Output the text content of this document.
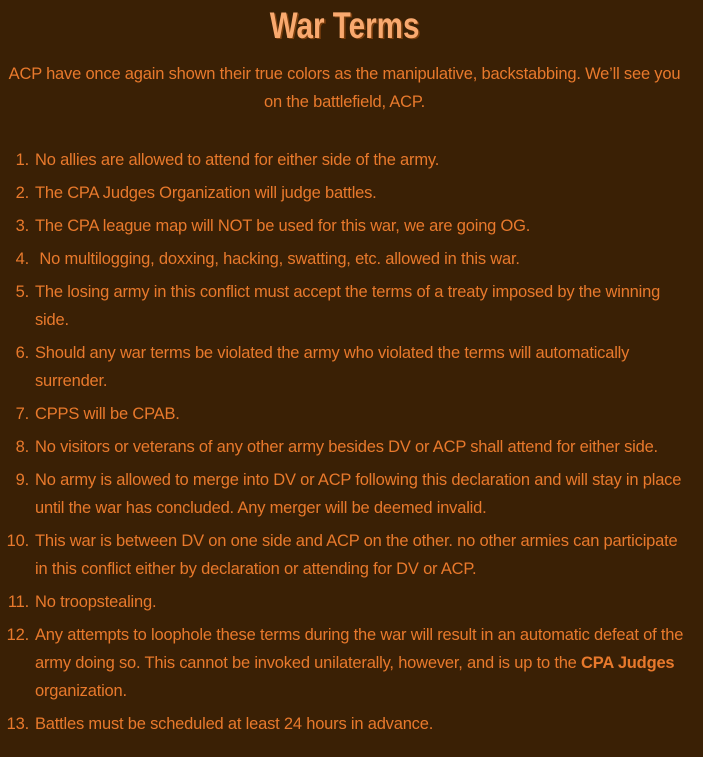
War Terms

ACP have once again shown their true colors as the manipulative, backstabbing. We’ll see you on the battlefield, ACP.

1. No allies are allowed to attend for either side of the army.
2. The CPA Judges Organization will judge battles.
3. The CPA league map will NOT be used for this war, we are going OG.
4. No multilogging, doxxing, hacking, swatting, etc. allowed in this war.
5. The losing army in this conflict must accept the terms of a treaty imposed by the winning side.
6. Should any war terms be violated the army who violated the terms will automatically surrender.
7. CPPS will be CPAB.
8. No visitors or veterans of any other army besides DV or ACP shall attend for either side.
9. No army is allowed to merge into DV or ACP following this declaration and will stay in place until the war has concluded. Any merger will be deemed invalid.
10. This war is between DV on one side and ACP on the other. no other armies can participate in this conflict either by declaration or attending for DV or ACP.
11. No troopstealing.
12. Any attempts to loophole these terms during the war will result in an automatic defeat of the army doing so. This cannot be invoked unilaterally, however, and is up to the CPA Judges organization.
13. Battles must be scheduled at least 24 hours in advance.
